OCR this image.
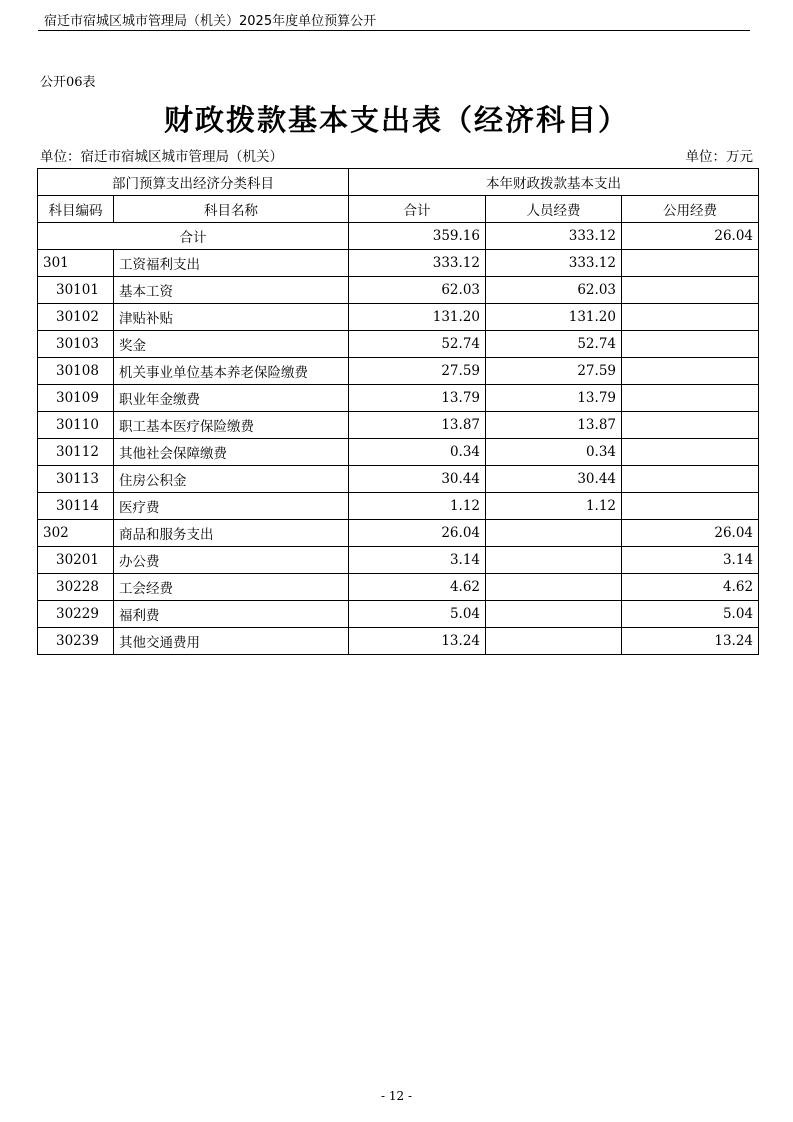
宿迁市宿城区城市管理局（机关）2025年度单位预算公开
公开06表
财政拨款基本支出表（经济科目）
单位：宿迁市宿城区城市管理局（机关）	单位：万元
部门预算支出经济分类科目		本年财政拨款基本支出		
科目编码	科目名称	合计	人员经费	公用经费
合计		359.16	333.12	26.04
301	工资福利支出	333.12	333.12	
30101	基本工资	62.03	62.03	
30102	津贴补贴	131.20	131.20	
30103	奖金	52.74	52.74	
30108	机关事业单位基本养老保险缴费	27.59	27.59	
30109	职业年金缴费	13.79	13.79	
30110	职工基本医疗保险缴费	13.87	13.87	
30112	其他社会保障缴费	0.34	0.34	
30113	住房公积金	30.44	30.44	
30114	医疗费	1.12	1.12	
302	商品和服务支出	26.04		26.04
30201	办公费	3.14		3.14
30228	工会经费	4.62		4.62
30229	福利费	5.04		5.04
30239	其他交通费用	13.24		13.24
- 12 -
